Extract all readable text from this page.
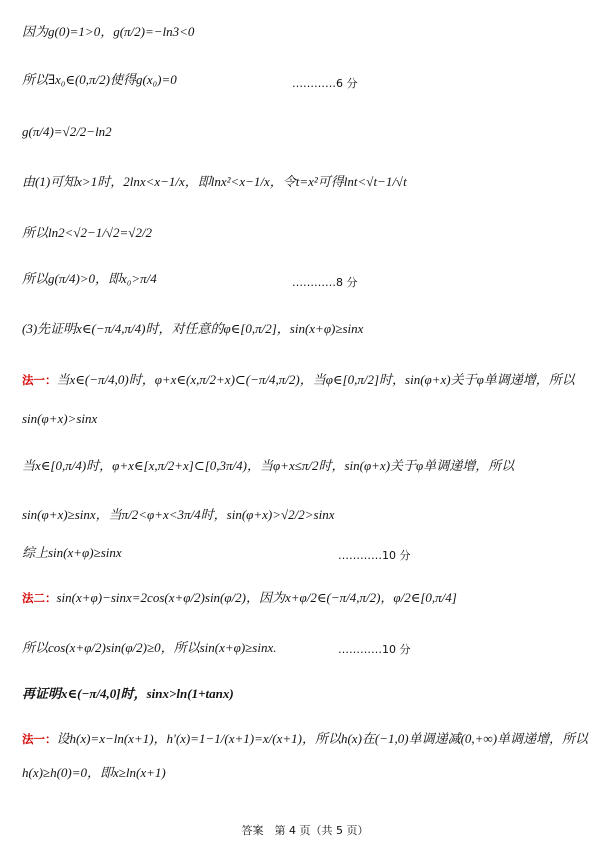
因为g(0)=1>0，g(π/2)=−ln3<0
所以∃x₀∈(0,π/2)使得g(x₀)=0	…………6 分
g(π/4)=√2/2−ln2
由(1)可知x>1时，2lnx<x−1/x，即lnx²<x−1/x，令t=x²可得lnt<√t−1/√t
所以ln2<√2−1/√2=√2/2
所以g(π/4)>0，即x₀>π/4	…………8 分
(3)先证明x∈(−π/4,π/4)时，对任意的φ∈[0,π/2]，sin(x+φ)≥sinx
法一：当x∈(−π/4,0)时，φ+x∈(x,π/2+x)⊂(−π/4,π/2)，当φ∈[0,π/2]时，sin(φ+x)关于φ单调递增，所以
sin(φ+x)>sinx
当x∈[0,π/4)时，φ+x∈[x,π/2+x]⊂[0,3π/4)，当φ+x≤π/2时，sin(φ+x)关于φ单调递增，所以
sin(φ+x)≥sinx，当π/2<φ+x<3π/4时，sin(φ+x)>√2/2>sinx
综上sin(x+φ)≥sinx	…………10 分
法二：sin(x+φ)−sinx=2cos(x+φ/2)sin(φ/2)，因为x+φ/2∈(−π/4,π/2)，φ/2∈[0,π/4]
所以cos(x+φ/2)sin(φ/2)≥0，所以sin(x+φ)≥sinx.	…………10 分
再证明x∈(−π/4,0]时，sinx>ln(1+tanx)
法一：设h(x)=x−ln(x+1)，h'(x)=1−1/(x+1)=x/(x+1)，所以h(x)在(−1,0)单调递减(0,+∞)单调递增，所以
h(x)≥h(0)=0，即x≥ln(x+1)
答案　第 4 页（共 5 页）
